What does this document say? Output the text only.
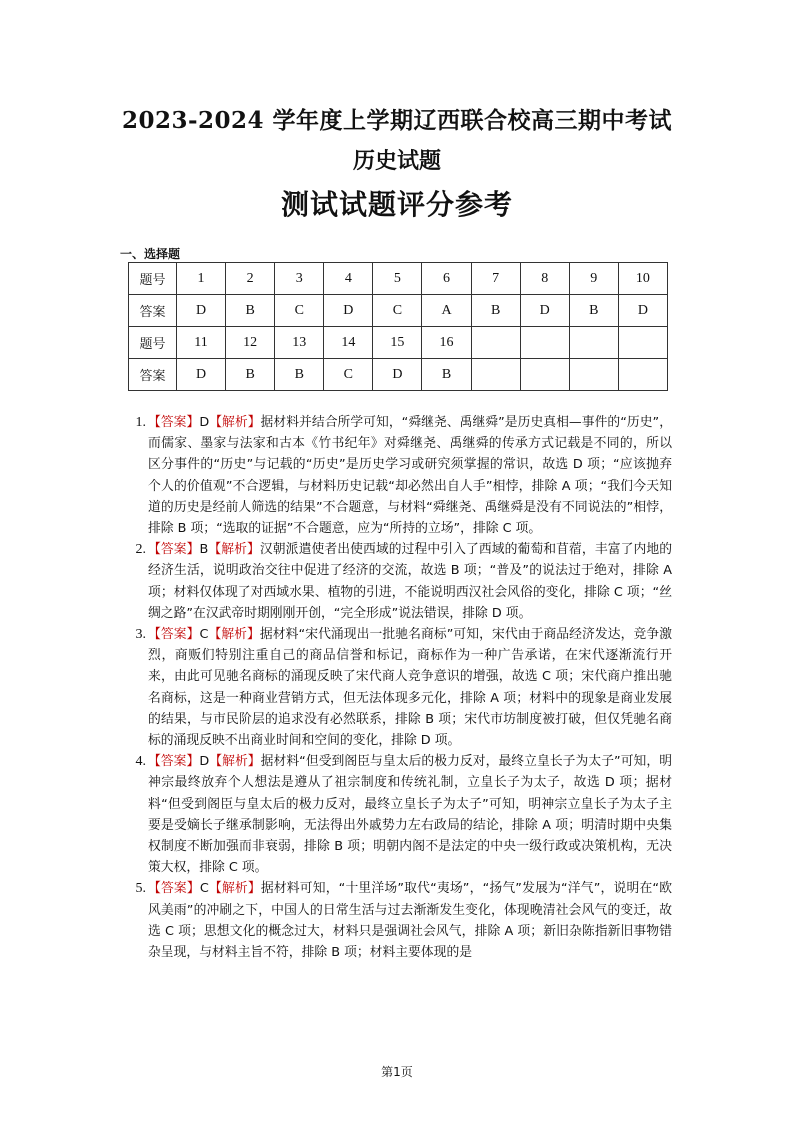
2023-2024 学年度上学期辽西联合校高三期中考试
历史试题
测试试题评分参考
一、选择题
题号	1	2	3	4	5	6	7	8	9	10
答案	D	B	C	D	C	A	B	D	B	D
题号	11	12	13	14	15	16				
答案	D	B	B	C	D	B				
1. 【答案】D【解析】据材料并结合所学可知，“舜继尧、禹继舜”是历史真相—事件的“历史”，而儒家、墨家与法家和古本《竹书纪年》对舜继尧、禹继舜的传承方式记载是不同的，所以区分事件的“历史”与记载的“历史”是历史学习或研究须掌握的常识，故选 D 项；“应该抛弃个人的价值观”不合逻辑，与材料历史记载“却必然出自人手”相悖，排除 A 项；“我们今天知道的历史是经前人筛选的结果”不合题意，与材料“舜继尧、禹继舜是没有不同说法的”相悖，排除 B 项；“选取的证据”不合题意，应为“所持的立场”，排除 C 项。
2. 【答案】B【解析】汉朝派遣使者出使西域的过程中引入了西域的葡萄和苜蓿，丰富了内地的经济生活，说明政治交往中促进了经济的交流，故选 B 项；“普及”的说法过于绝对，排除 A 项；材料仅体现了对西域水果、植物的引进，不能说明西汉社会风俗的变化，排除 C 项；“丝绸之路”在汉武帝时期刚刚开创，“完全形成”说法错误，排除 D 项。
3. 【答案】C【解析】据材料“宋代涌现出一批驰名商标”可知，宋代由于商品经济发达，竞争激烈，商贩们特别注重自己的商品信誉和标记，商标作为一种广告承诺，在宋代逐渐流行开来，由此可见驰名商标的涌现反映了宋代商人竞争意识的增强，故选 C 项；宋代商户推出驰名商标，这是一种商业营销方式，但无法体现多元化，排除 A 项；材料中的现象是商业发展的结果，与市民阶层的追求没有必然联系，排除 B 项；宋代市坊制度被打破，但仅凭驰名商标的涌现反映不出商业时间和空间的变化，排除 D 项。
4. 【答案】D【解析】据材料“但受到阁臣与皇太后的极力反对，最终立皇长子为太子”可知，明神宗最终放弃个人想法是遵从了祖宗制度和传统礼制，立皇长子为太子，故选 D 项；据材料“但受到阁臣与皇太后的极力反对，最终立皇长子为太子”可知，明神宗立皇长子为太子主要是受嫡长子继承制影响，无法得出外戚势力左右政局的结论，排除 A 项；明清时期中央集权制度不断加强而非衰弱，排除 B 项；明朝内阁不是法定的中央一级行政或决策机构，无决策大权，排除 C 项。
5. 【答案】C【解析】据材料可知，“十里洋场”取代“夷场”，“扬气”发展为“洋气”，说明在“欧风美雨”的冲刷之下，中国人的日常生活与过去渐渐发生变化，体现晚清社会风气的变迁，故选 C 项；思想文化的概念过大，材料只是强调社会风气，排除 A 项；新旧杂陈指新旧事物错杂呈现，与材料主旨不符，排除 B 项；材料主要体现的是
第1页
